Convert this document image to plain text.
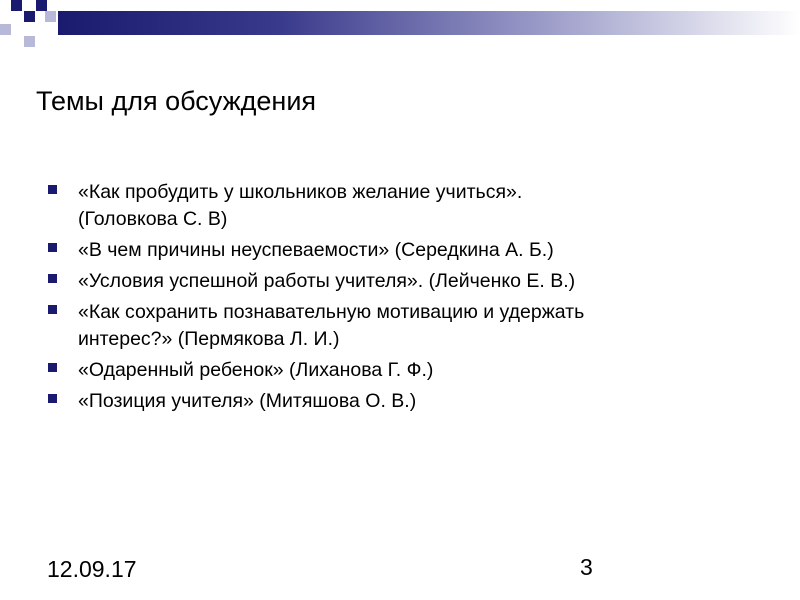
Темы для обсуждения
«Как пробудить у школьников желание учиться».
(Головкова С. В)
«В чем причины неуспеваемости» (Середкина А. Б.)
«Условия успешной работы учителя». (Лейченко Е. В.)
«Как сохранить познавательную мотивацию и удержать
интерес?» (Пермякова Л. И.)
«Одаренный ребенок» (Лиханова Г. Ф.)
«Позиция учителя» (Митяшова О. В.)
12.09.17	3
